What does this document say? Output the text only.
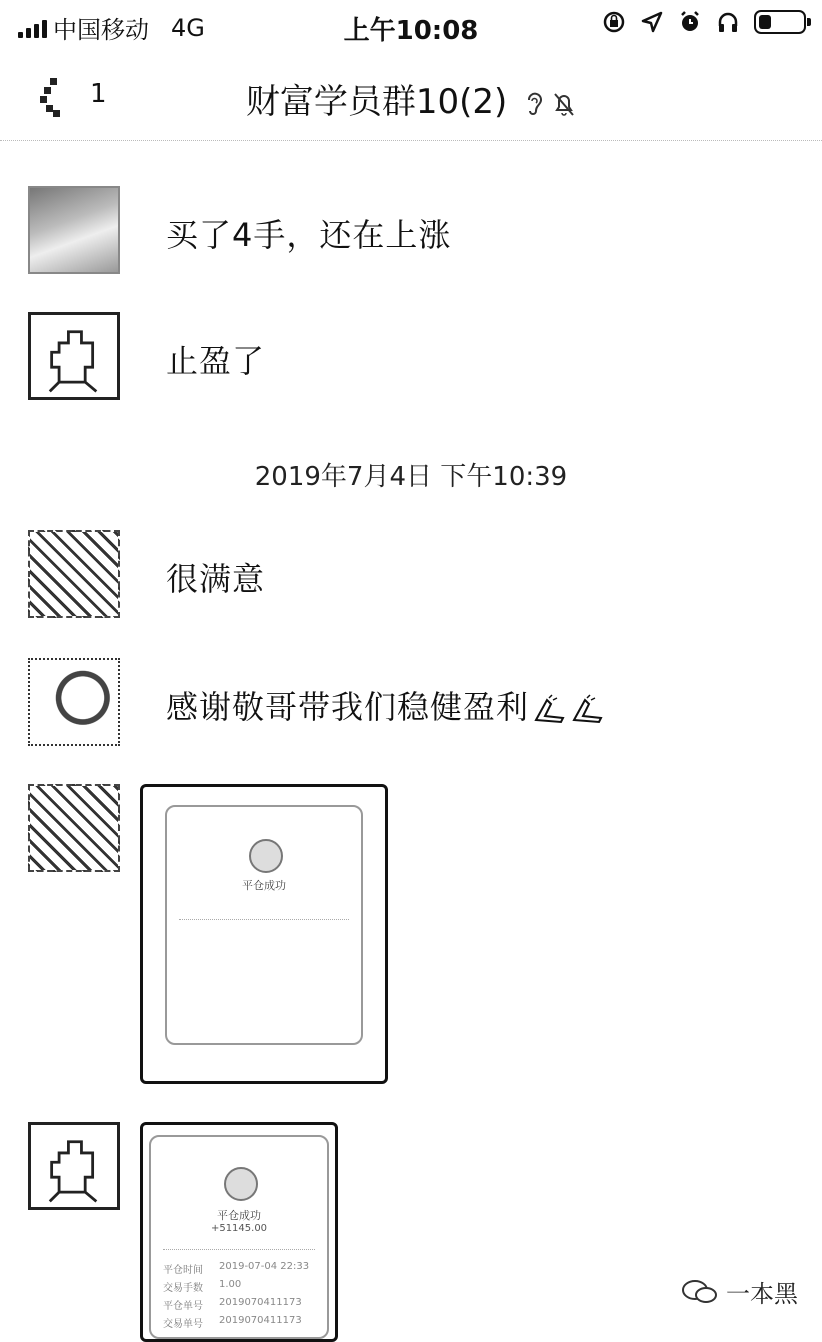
中国移动 4G	上午10:08
1	财富学员群10(2)
买了4手，还在上涨
止盈了
2019年7月4日 下午10:39
很满意
感谢敬哥带我们稳健盈利
平仓成功
平仓成功
+51145.00
平仓时间	2019-07-04 22:33
交易手数	1.00
平仓单号	2019070411173
交易单号	2019070411173
一本黑
